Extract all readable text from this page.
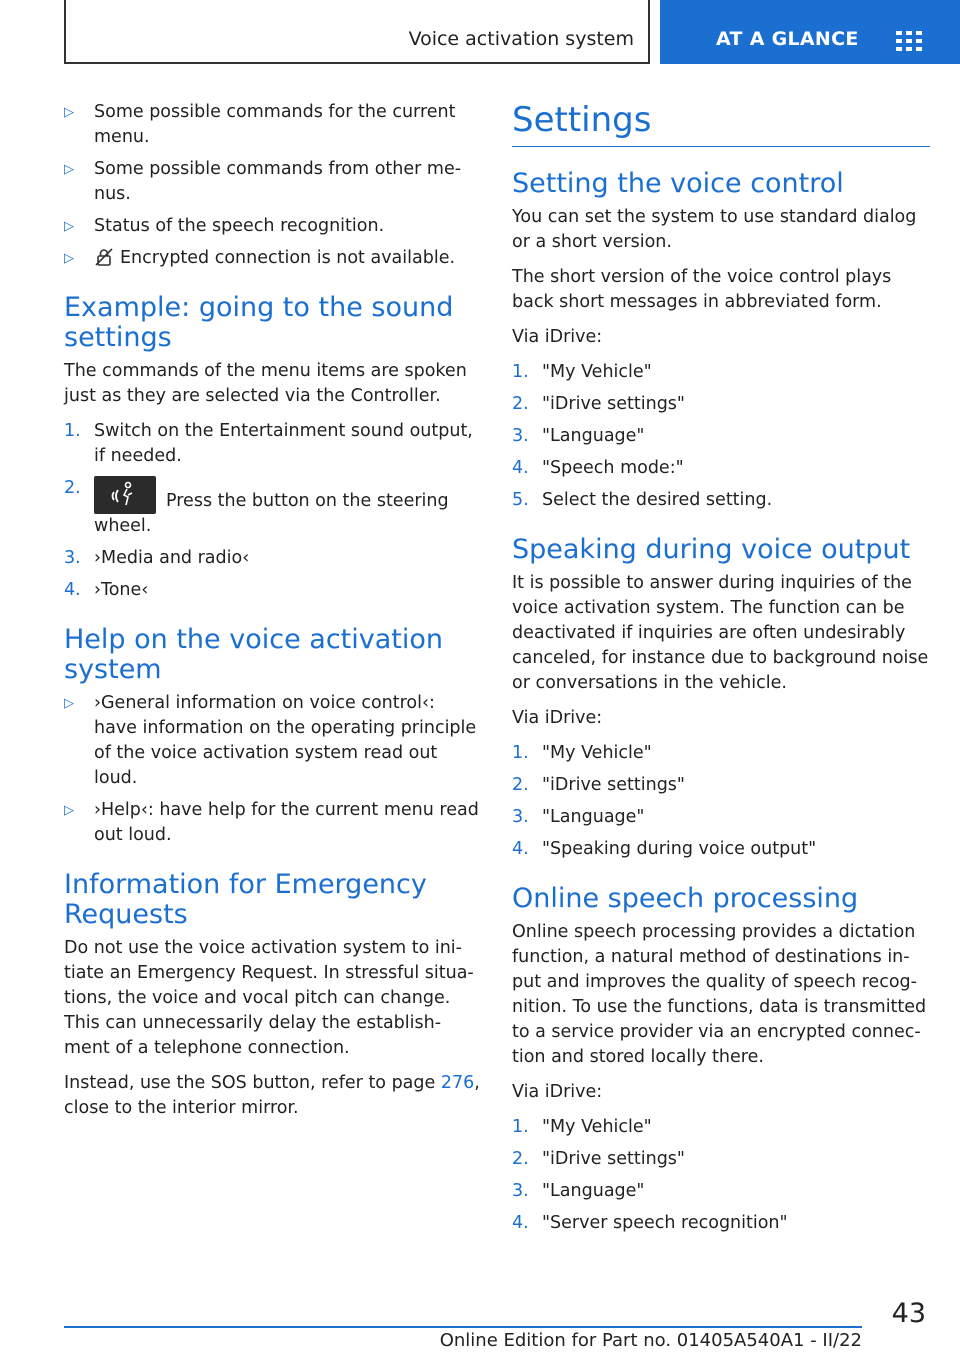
Voice activation system	AT A GLANCE
▷ Some possible commands for the current menu.
▷ Some possible commands from other me‐ nus.
▷ Status of the speech recognition.
▷	Encrypted connection is not available.
Example: going to the sound settings

The commands of the menu items are spoken just as they are selected via the Controller.

1. Switch on the Entertainment sound output, if needed.
2.
Press the button on the steering wheel.
3. ›Media and radio‹
4. ›Tone‹
Help on the voice activation system
▷ ›General information on voice control‹: have information on the operating principle of the voice activation system read out loud.
▷ ›Help‹: have help for the current menu read out loud.
Information for Emergency Requests

Do not use the voice activation system to ini‐ tiate an Emergency Request. In stressful situa‐ tions, the voice and vocal pitch can change. This can unnecessarily delay the establish‐ ment of a telephone connection.

Instead, use the SOS button, refer to page 276, close to the interior mirror.

Settings
Setting the voice control

You can set the system to use standard dialog or a short version.

The short version of the voice control plays back short messages in abbreviated form.

Via iDrive:

1. "My Vehicle"
2. "iDrive settings"
3. "Language"
4. "Speech mode:"
5. Select the desired setting.
Speaking during voice output

It is possible to answer during inquiries of the voice activation system. The function can be deactivated if inquiries are often undesirably canceled, for instance due to background noise or conversations in the vehicle.

Via iDrive:

1. "My Vehicle"
2. "iDrive settings"
3. "Language"
4. "Speaking during voice output"
Online speech processing

Online speech processing provides a dictation function, a natural method of destinations in‐ put and improves the quality of speech recog‐ nition. To use the functions, data is transmitted to a service provider via an encrypted connec‐ tion and stored locally there.

Via iDrive:

1. "My Vehicle"
2. "iDrive settings"
3. "Language"
4. "Server speech recognition"
43
Online Edition for Part no. 01405A540A1 - II/22
